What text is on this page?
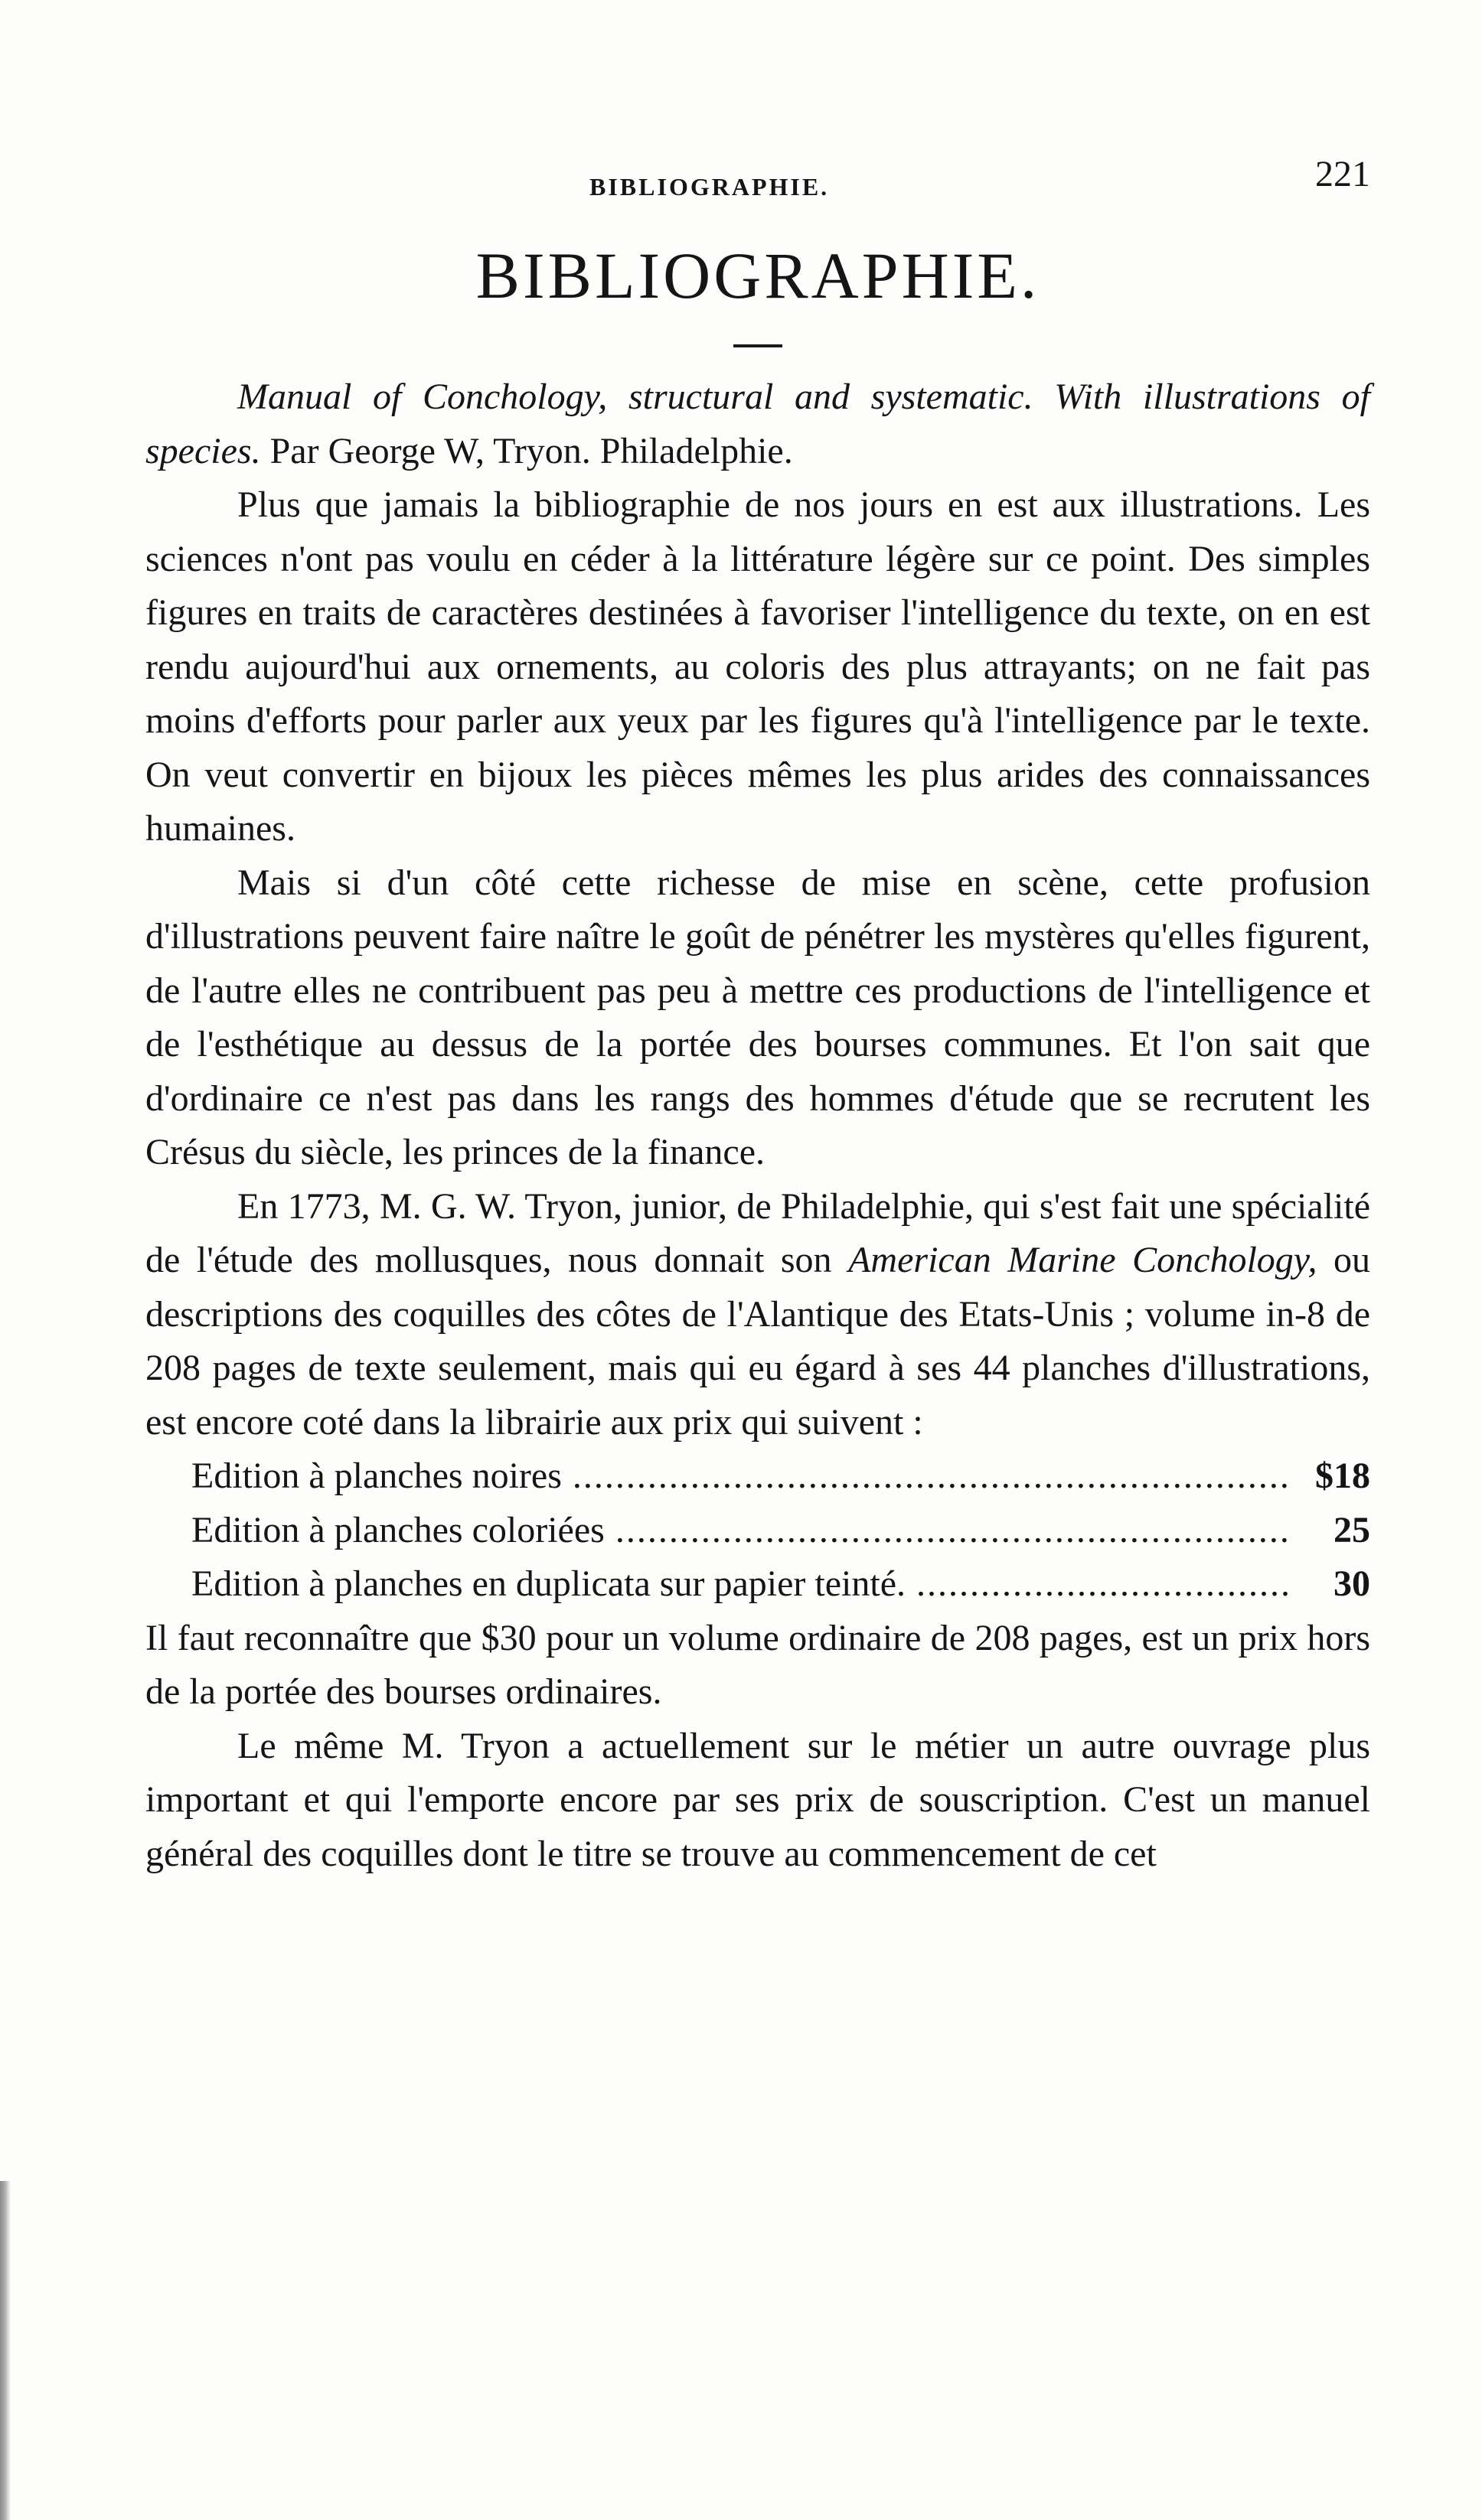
BIBLIOGRAPHIE.	221
BIBLIOGRAPHIE.

Manual of Conchology, structural and systematic. With illustrations of species. Par George W, Tryon. Philadelphie.

Plus que jamais la bibliographie de nos jours en est aux illustrations. Les sciences n'ont pas voulu en céder à la littérature légère sur ce point. Des simples figures en traits de caractères destinées à favoriser l'intelligence du texte, on en est rendu aujourd'hui aux ornements, au coloris des plus attrayants; on ne fait pas moins d'efforts pour parler aux yeux par les figures qu'à l'intelligence par le texte. On veut convertir en bijoux les pièces mêmes les plus arides des connaissances humaines.

Mais si d'un côté cette richesse de mise en scène, cette profusion d'illustrations peuvent faire naître le goût de pénétrer les mystères qu'elles figurent, de l'autre elles ne contribuent pas peu à mettre ces productions de l'intelligence et de l'esthétique au dessus de la portée des bourses communes. Et l'on sait que d'ordinaire ce n'est pas dans les rangs des hommes d'étude que se recrutent les Crésus du siècle, les princes de la finance.

En 1773, M. G. W. Tryon, junior, de Philadelphie, qui s'est fait une spécialité de l'étude des mollusques, nous donnait son American Marine Conchology, ou descriptions des coquilles des côtes de l'Alantique des Etats-Unis ; volume in-8 de 208 pages de texte seulement, mais qui eu égard à ses 44 planches d'illustrations, est encore coté dans la librairie aux prix qui suivent :

Edition à planches noires .....	$18
Edition à planches coloriées .....	25
Edition à planches en duplicata sur papier teinté. .....	30

Il faut reconnaître que $30 pour un volume ordinaire de 208 pages, est un prix hors de la portée des bourses ordinaires.

Le même M. Tryon a actuellement sur le métier un autre ouvrage plus important et qui l'emporte encore par ses prix de souscription. C'est un manuel général des coquilles dont le titre se trouve au commencement de cet
